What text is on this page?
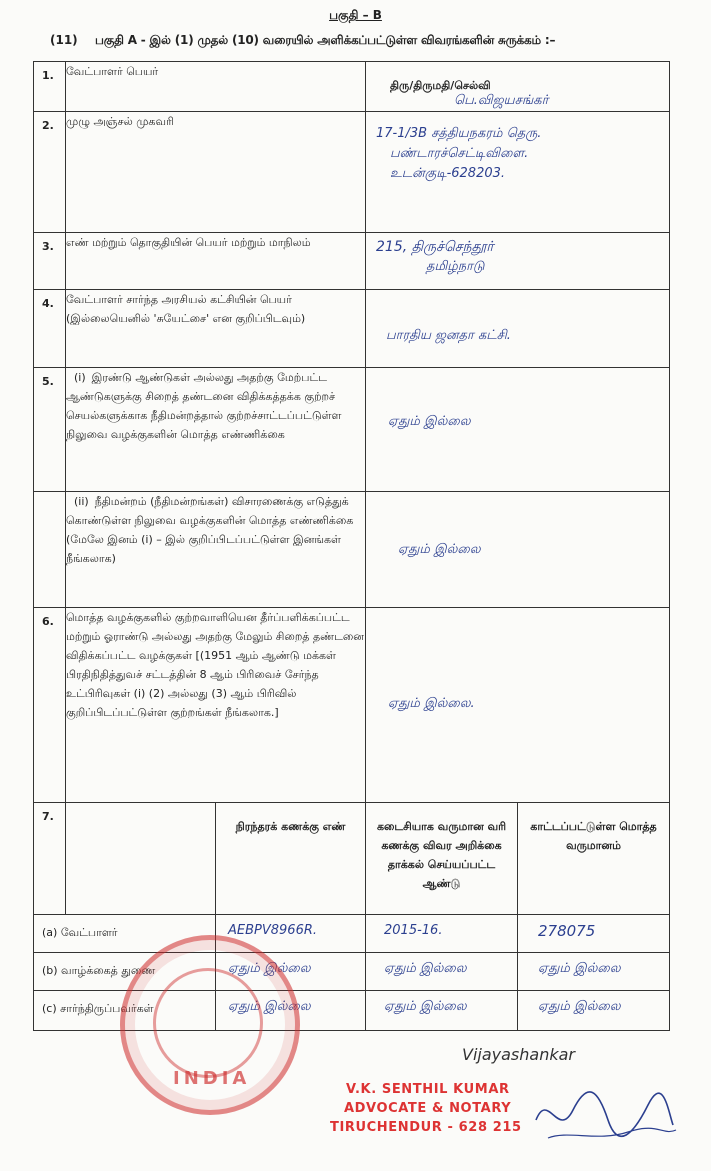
பகுதி – B
(11) பகுதி A - இல் (1) முதல் (10) வரையில் அளிக்கப்பட்டுள்ள விவரங்களின் சுருக்கம் :–
1.	வேட்பாளர் பெயர்		திரு/திருமதி/செல்வி
பெ.விஜயசங்கர்	

2.	முழு அஞ்சல் முகவரி		17-1/3B சத்தியநகரம் தெரு.
பண்டாரச்செட்டிவிளை.
உடன்குடி-628203.	

3.	எண் மற்றும் தொகுதியின் பெயர் மற்றும் மாநிலம்		215, திருச்செந்தூர்
தமிழ்நாடு	

4.	வேட்பாளர் சார்ந்த அரசியல் கட்சியின் பெயர் (இல்லையெனில் 'சுயேட்சை' என குறிப்பிடவும்)		பாரதிய ஜனதா கட்சி.	

5.	(i) இரண்டு ஆண்டுகள் அல்லது அதற்கு மேற்பட்ட ஆண்டுகளுக்கு சிறைத் தண்டனை விதிக்கத்தக்க குற்றச் செயல்களுக்காக நீதிமன்றத்தால் குற்றச்சாட்டப்பட்டுள்ள நிலுவை வழக்குகளின் மொத்த எண்ணிக்கை		ஏதும் இல்லை	

	(ii) நீதிமன்றம் (நீதிமன்றங்கள்) விசாரணைக்கு எடுத்துக் கொண்டுள்ள நிலுவை வழக்குகளின் மொத்த எண்ணிக்கை (மேலே இனம் (i) – இல் குறிப்பிடப்பட்டுள்ள இனங்கள் நீங்கலாக)		ஏதும் இல்லை	

6.	மொத்த வழக்குகளில் குற்றவாளியென தீர்ப்பளிக்கப்பட்ட மற்றும் ஓராண்டு அல்லது அதற்கு மேலும் சிறைத் தண்டனை விதிக்கப்பட்ட வழக்குகள் [(1951 ஆம் ஆண்டு மக்கள் பிரதிநிதித்துவச் சட்டத்தின் 8 ஆம் பிரிவைச் சேர்ந்த உட்பிரிவுகள் (i) (2) அல்லது (3) ஆம் பிரிவில் குறிப்பிடப்பட்டுள்ள குற்றங்கள் நீங்கலாக.]		ஏதும் இல்லை.	

7.		நிரந்தரக் கணக்கு எண்	கடைசியாக வருமான வரி கணக்கு விவர அறிக்கை தாக்கல் செய்யப்பட்ட ஆண்டு	காட்டப்பட்டுள்ள மொத்த வருமானம்
(a) வேட்பாளர்		AEBPV8966R.	2015-16.	278075

(b) வாழ்க்கைத் துணை		ஏதும் இல்லை	ஏதும் இல்லை	ஏதும் இல்லை

(c) சார்ந்திருப்பவர்கள்		ஏதும் இல்லை	ஏதும் இல்லை	ஏதும் இல்லை
INDIA
Vijayashankar
V.K. SENTHIL KUMAR
ADVOCATE & NOTARY
TIRUCHENDUR - 628 215
